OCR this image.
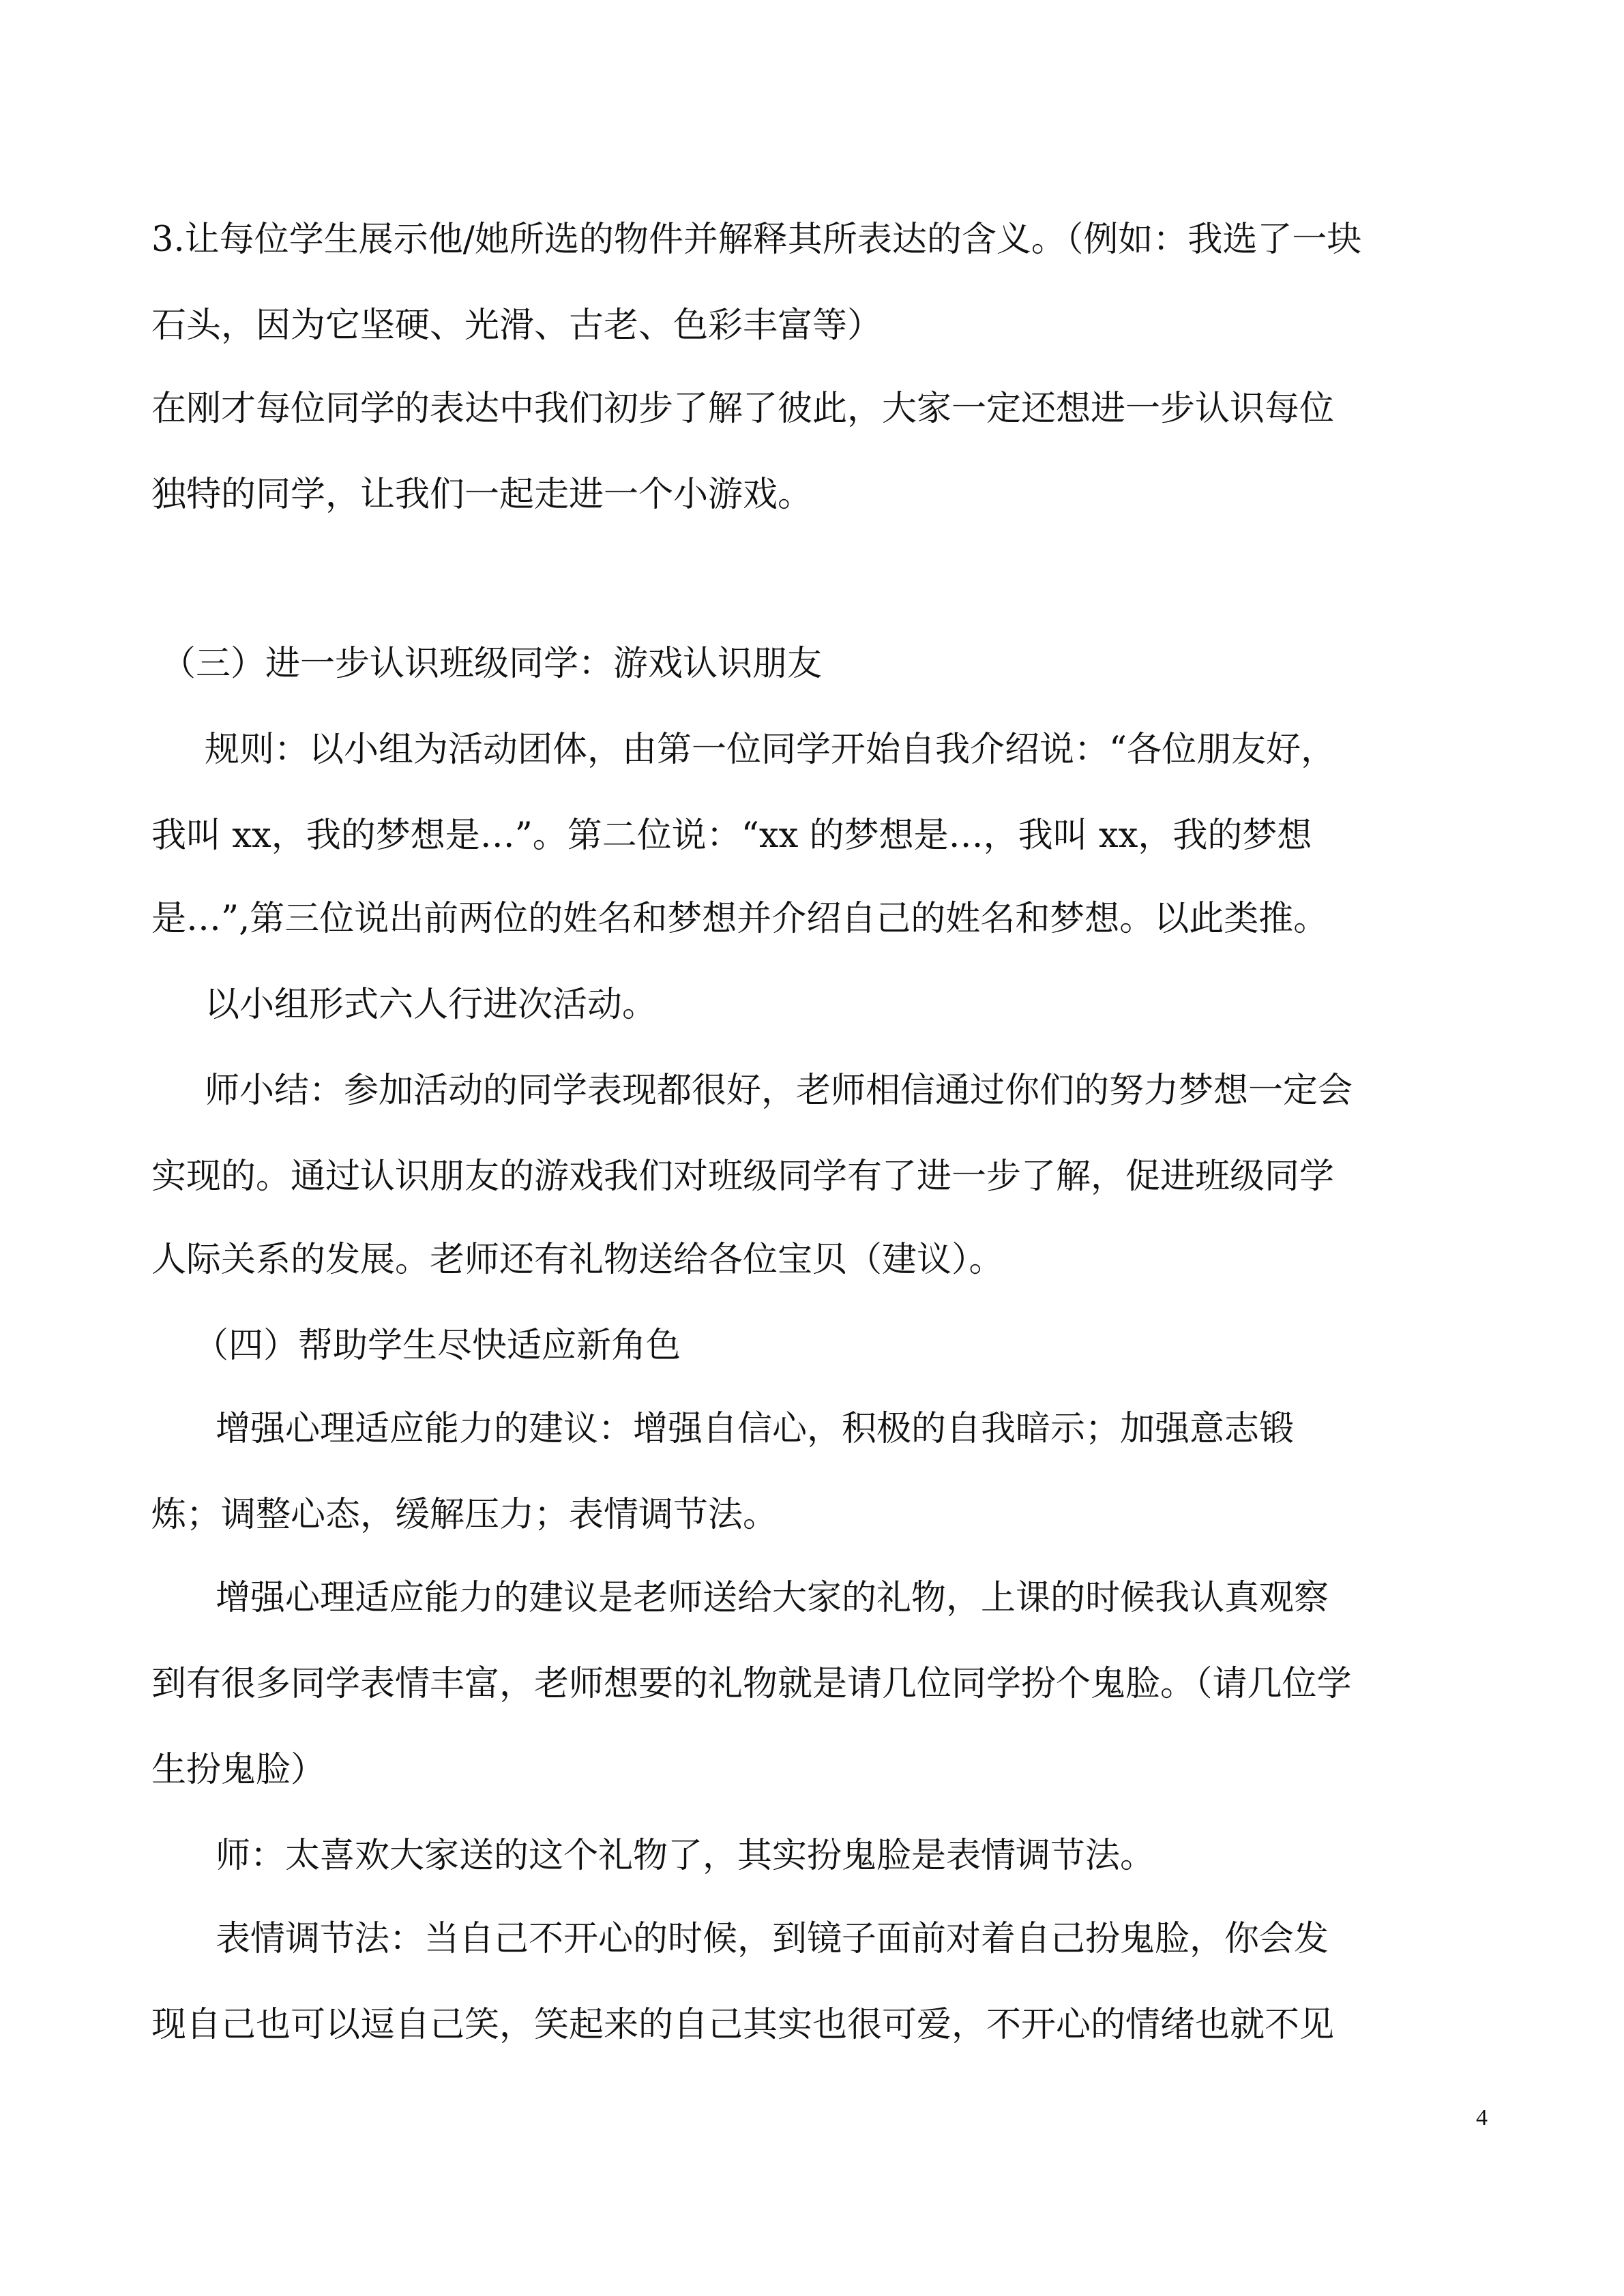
3.让每位学生展示他/她所选的物件并解释其所表达的含义。（例如：我选了一块
石头，因为它坚硬、光滑、古老、色彩丰富等）
在刚才每位同学的表达中我们初步了解了彼此，大家一定还想进一步认识每位
独特的同学，让我们一起走进一个小游戏。
（三）进一步认识班级同学：游戏认识朋友
规则：以小组为活动团体，由第一位同学开始自我介绍说：“各位朋友好，
我叫 xx，我的梦想是…”。第二位说：“xx 的梦想是…，我叫 xx，我的梦想
是…”,第三位说出前两位的姓名和梦想并介绍自己的姓名和梦想。以此类推。
以小组形式六人行进次活动。
师小结：参加活动的同学表现都很好，老师相信通过你们的努力梦想一定会
实现的。通过认识朋友的游戏我们对班级同学有了进一步了解，促进班级同学
人际关系的发展。老师还有礼物送给各位宝贝（建议）。
（四）帮助学生尽快适应新角色
增强心理适应能力的建议：增强自信心，积极的自我暗示；加强意志锻
炼；调整心态，缓解压力；表情调节法。
增强心理适应能力的建议是老师送给大家的礼物，上课的时候我认真观察
到有很多同学表情丰富，老师想要的礼物就是请几位同学扮个鬼脸。（请几位学
生扮鬼脸）
师：太喜欢大家送的这个礼物了，其实扮鬼脸是表情调节法。
表情调节法：当自己不开心的时候，到镜子面前对着自己扮鬼脸，你会发
现自己也可以逗自己笑，笑起来的自己其实也很可爱，不开心的情绪也就不见
4
